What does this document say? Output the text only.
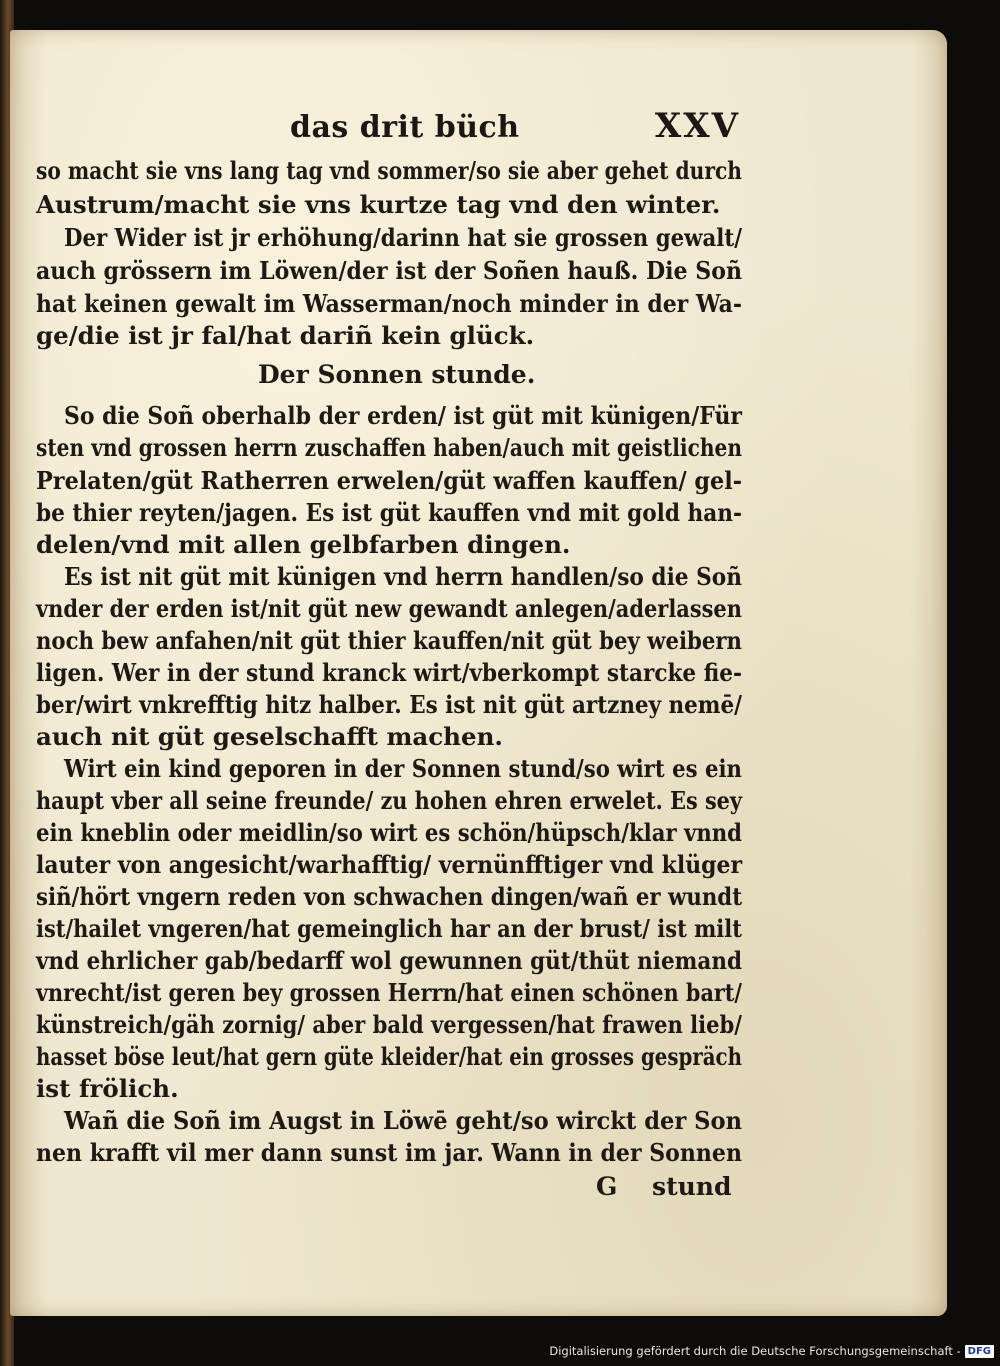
das drit büch	XXV
so macht sie vns lang tag vnd sommer/so sie aber gehet durch
Austrum/macht sie vns kurtze tag vnd den winter.
Der Wider ist jr erhöhung/darinn hat sie grossen gewalt/
auch grössern im Löwen/der ist der Soñen hauß. Die Soñ
hat keinen gewalt im Wasserman/noch minder in der Wa-
ge/die ist jr fal/hat dariñ kein glück.
Der Sonnen stunde.
So die Soñ oberhalb der erden/ ist güt mit künigen/Für
sten vnd grossen herrn zuschaffen haben/auch mit geistlichen
Prelaten/güt Ratherren erwelen/güt waffen kauffen/ gel-
be thier reyten/jagen. Es ist güt kauffen vnd mit gold han-
delen/vnd mit allen gelbfarben dingen.
Es ist nit güt mit künigen vnd herrn handlen/so die Soñ
vnder der erden ist/nit güt new gewandt anlegen/aderlassen
noch bew anfahen/nit güt thier kauffen/nit güt bey weibern
ligen. Wer in der stund kranck wirt/vberkompt starcke fie-
ber/wirt vnkrefftig hitz halber. Es ist nit güt artzney nemē/
auch nit güt geselschafft machen.
Wirt ein kind geporen in der Sonnen stund/so wirt es ein
haupt vber all seine freunde/ zu hohen ehren erwelet. Es sey
ein kneblin oder meidlin/so wirt es schön/hüpsch/klar vnnd
lauter von angesicht/warhafftig/ vernünfftiger vnd klüger
siñ/hört vngern reden von schwachen dingen/wañ er wundt
ist/hailet vngeren/hat gemeinglich har an der brust/ ist milt
vnd ehrlicher gab/bedarff wol gewunnen güt/thüt niemand
vnrecht/ist geren bey grossen Herrn/hat einen schönen bart/
künstreich/gäh zornig/ aber bald vergessen/hat frawen lieb/
hasset böse leut/hat gern güte kleider/hat ein grosses gespräch
ist frölich.
Wañ die Soñ im Augst in Löwē geht/so wirckt der Son
nen krafft vil mer dann sunst im jar. Wann in der Sonnen
G stund
Digitalisierung gefördert durch die Deutsche Forschungsgemeinschaft - DFG
